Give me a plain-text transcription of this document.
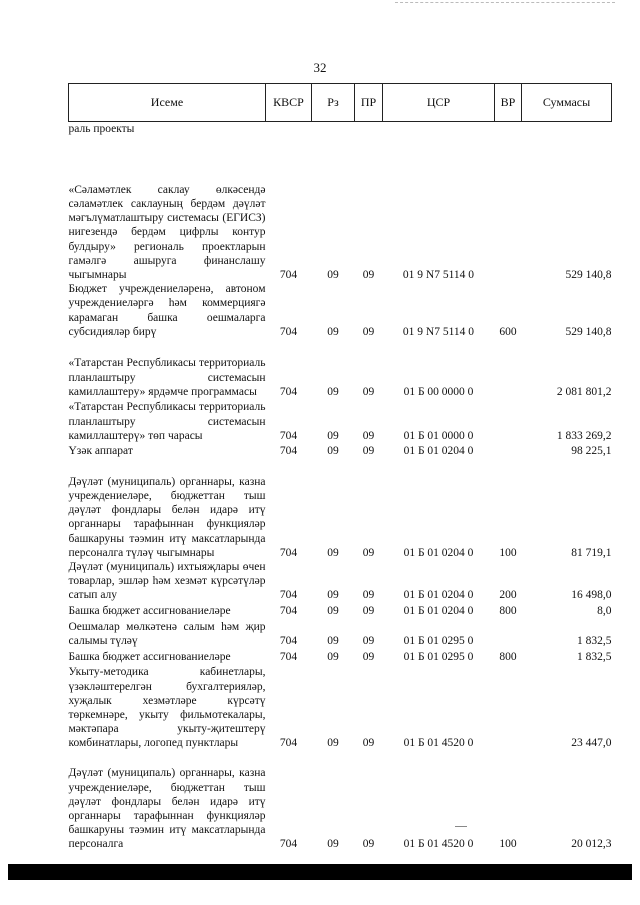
32
Исеме	КВСР	Рз	ПР	ЦСР	ВР	Суммасы
раль проекты						
«Сәламәтлек саклау өлкәсендә сәламәтлек саклауның бердәм дәүләт мәгълүматлаштыру системасы (ЕГИСЗ) нигезендә бердәм цифрлы контур булдыру» региональ проектларын гамәлгә ашыруга финанслашу чыгымнары	704	09	09	01 9 N7 5114 0		529 140,8
Бюджет учреждениеләренә, автоном учреждениеләргә һәм коммерциягә карамаган башка оешмаларга субсидияләр бирү	704	09	09	01 9 N7 5114 0	600	529 140,8
«Татарстан Республикасы территориаль планлаштыру системасын камиллаштеру» ярдәмче программасы	704	09	09	01 Б 00 0000 0		2 081 801,2
«Татарстан Республикасы территориаль планлаштыру системасын камиллаштерү» төп чарасы	704	09	09	01 Б 01 0000 0		1 833 269,2
Үзәк аппарат	704	09	09	01 Б 01 0204 0		98 225,1
Дәүләт (муниципаль) органнары, казна учреждениеләре, бюджеттан тыш дәүләт фондлары белән идарә итү органнары тарафыннан функцияләр башкаруны тәэмин итү максатларында персоналга түләү чыгымнары	704	09	09	01 Б 01 0204 0	100	81 719,1
Дәүләт (муниципаль) ихтыяҗлары өчен товарлар, эшләр һәм хезмәт күрсәтүләр сатып алу	704	09	09	01 Б 01 0204 0	200	16 498,0
Башка бюджет ассигнованиеләре	704	09	09	01 Б 01 0204 0	800	8,0
Оешмалар мөлкәтенә салым һәм җир салымы түләү	704	09	09	01 Б 01 0295 0		1 832,5
Башка бюджет ассигнованиеләре	704	09	09	01 Б 01 0295 0	800	1 832,5
Укыту-методика кабинетлары, үзәкләштерелгән бухгалтерияләр, хуҗалык хезмәтләре күрсәтү төркемнәре, укыту фильмотекалары, мәктәпара укыту-җитештерү комбинатлары, логопед пунктлары	704	09	09	01 Б 01 4520 0		23 447,0
Дәүләт (муниципаль) органнары, казна учреждениеләре, бюджеттан тыш дәүләт фондлары белән идарә итү органнары тарафыннан функцияләр башкаруны тәэмин итү максатларында персоналга	704	09	09	01 Б 01 4520 0	100	20 012,3
